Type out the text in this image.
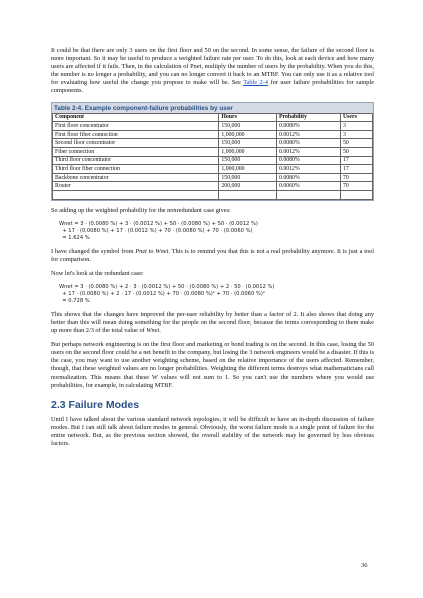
It could be that there are only 3 users on the first floor and 50 on the second. In some sense, the failure of the second floor is more important. So it may be useful to produce a weighted failure rate per user. To do this, look at each device and how many users are affected if it fails. Then, in the calculation of Pnet, multiply the number of users by the probability. When you do this, the number is no longer a probability, and you can no longer convert it back to an MTBF. You can only use it as a relative tool for evaluating how useful the change you propose to make will be. See Table 2-4 for user failure probabilities for sample components.

Table 2-4. Example component-failure probabilities by user
Component	Hours	Probability	Users
First floor concentrator	150,000	0.0080%	3
First floor fiber connection	1,000,000	0.0012%	3
Second floor concentrator	150,000	0.0080%	50
Fiber connection	1,000,000	0.0012%	50
Third floor concentrator	150,000	0.0080%	17
Third floor fiber connection	1,000,000	0.0012%	17
Backbone concentrator	150,000	0.0080%	70
Router	200,000	0.0060%	70

So adding up the weighted probability for the nonredundant case gives:

Wnet = 3 · (0.0080 %) + 3 · (0.0012 %) + 50 · (0.0080 %) + 50 · (0.0012 %)
+ 17 · (0.0080 %) + 17 · (0.0012 %) + 70 · (0.0080 %) + 70 · (0.0060 %)
= 1.624 %

I have changed the symbol from Pnet to Wnet. This is to remind you that this is not a real probability anymore. It is just a tool for comparison.

Now let's look at the redundant case:

Wnet = 3 · (0.0080 %) + 2 · 3 · (0.0012 %) + 50 · (0.0080 %) + 2 · 50 · (0.0012 %)
+ 17 · (0.0080 %) + 2 · 17 · (0.0012 %) + 70 · (0.0080 %)² + 70 · (0.0060 %)²
= 0.728 %

This shows that the changes have improved the per-user reliability by better than a factor of 2. It also shows that doing any better than this will mean doing something for the people on the second floor, because the terms corresponding to them make up more than 2/3 of the total value of Wnet.

But perhaps network engineering is on the first floor and marketing or bond trading is on the second. In this case, losing the 50 users on the second floor could be a net benefit to the company, but losing the 3 network engineers would be a disaster. If this is the case, you may want to use another weighting scheme, based on the relative importance of the users affected. Remember, though, that these weighted values are no longer probabilities. Weighting the different terms destroys what mathematicians call normalization. This means that these W values will not sum to 1. So you can't use the numbers where you would use probabilities, for example, in calculating MTBF.

2.3 Failure Modes

Until I have talked about the various standard network topologies, it will be difficult to have an in-depth discussion of failure modes. But I can still talk about failure modes in general. Obviously, the worst failure mode is a single point of failure for the entire network. But, as the previous section showed, the overall stability of the network may be governed by less obvious factors.

36
